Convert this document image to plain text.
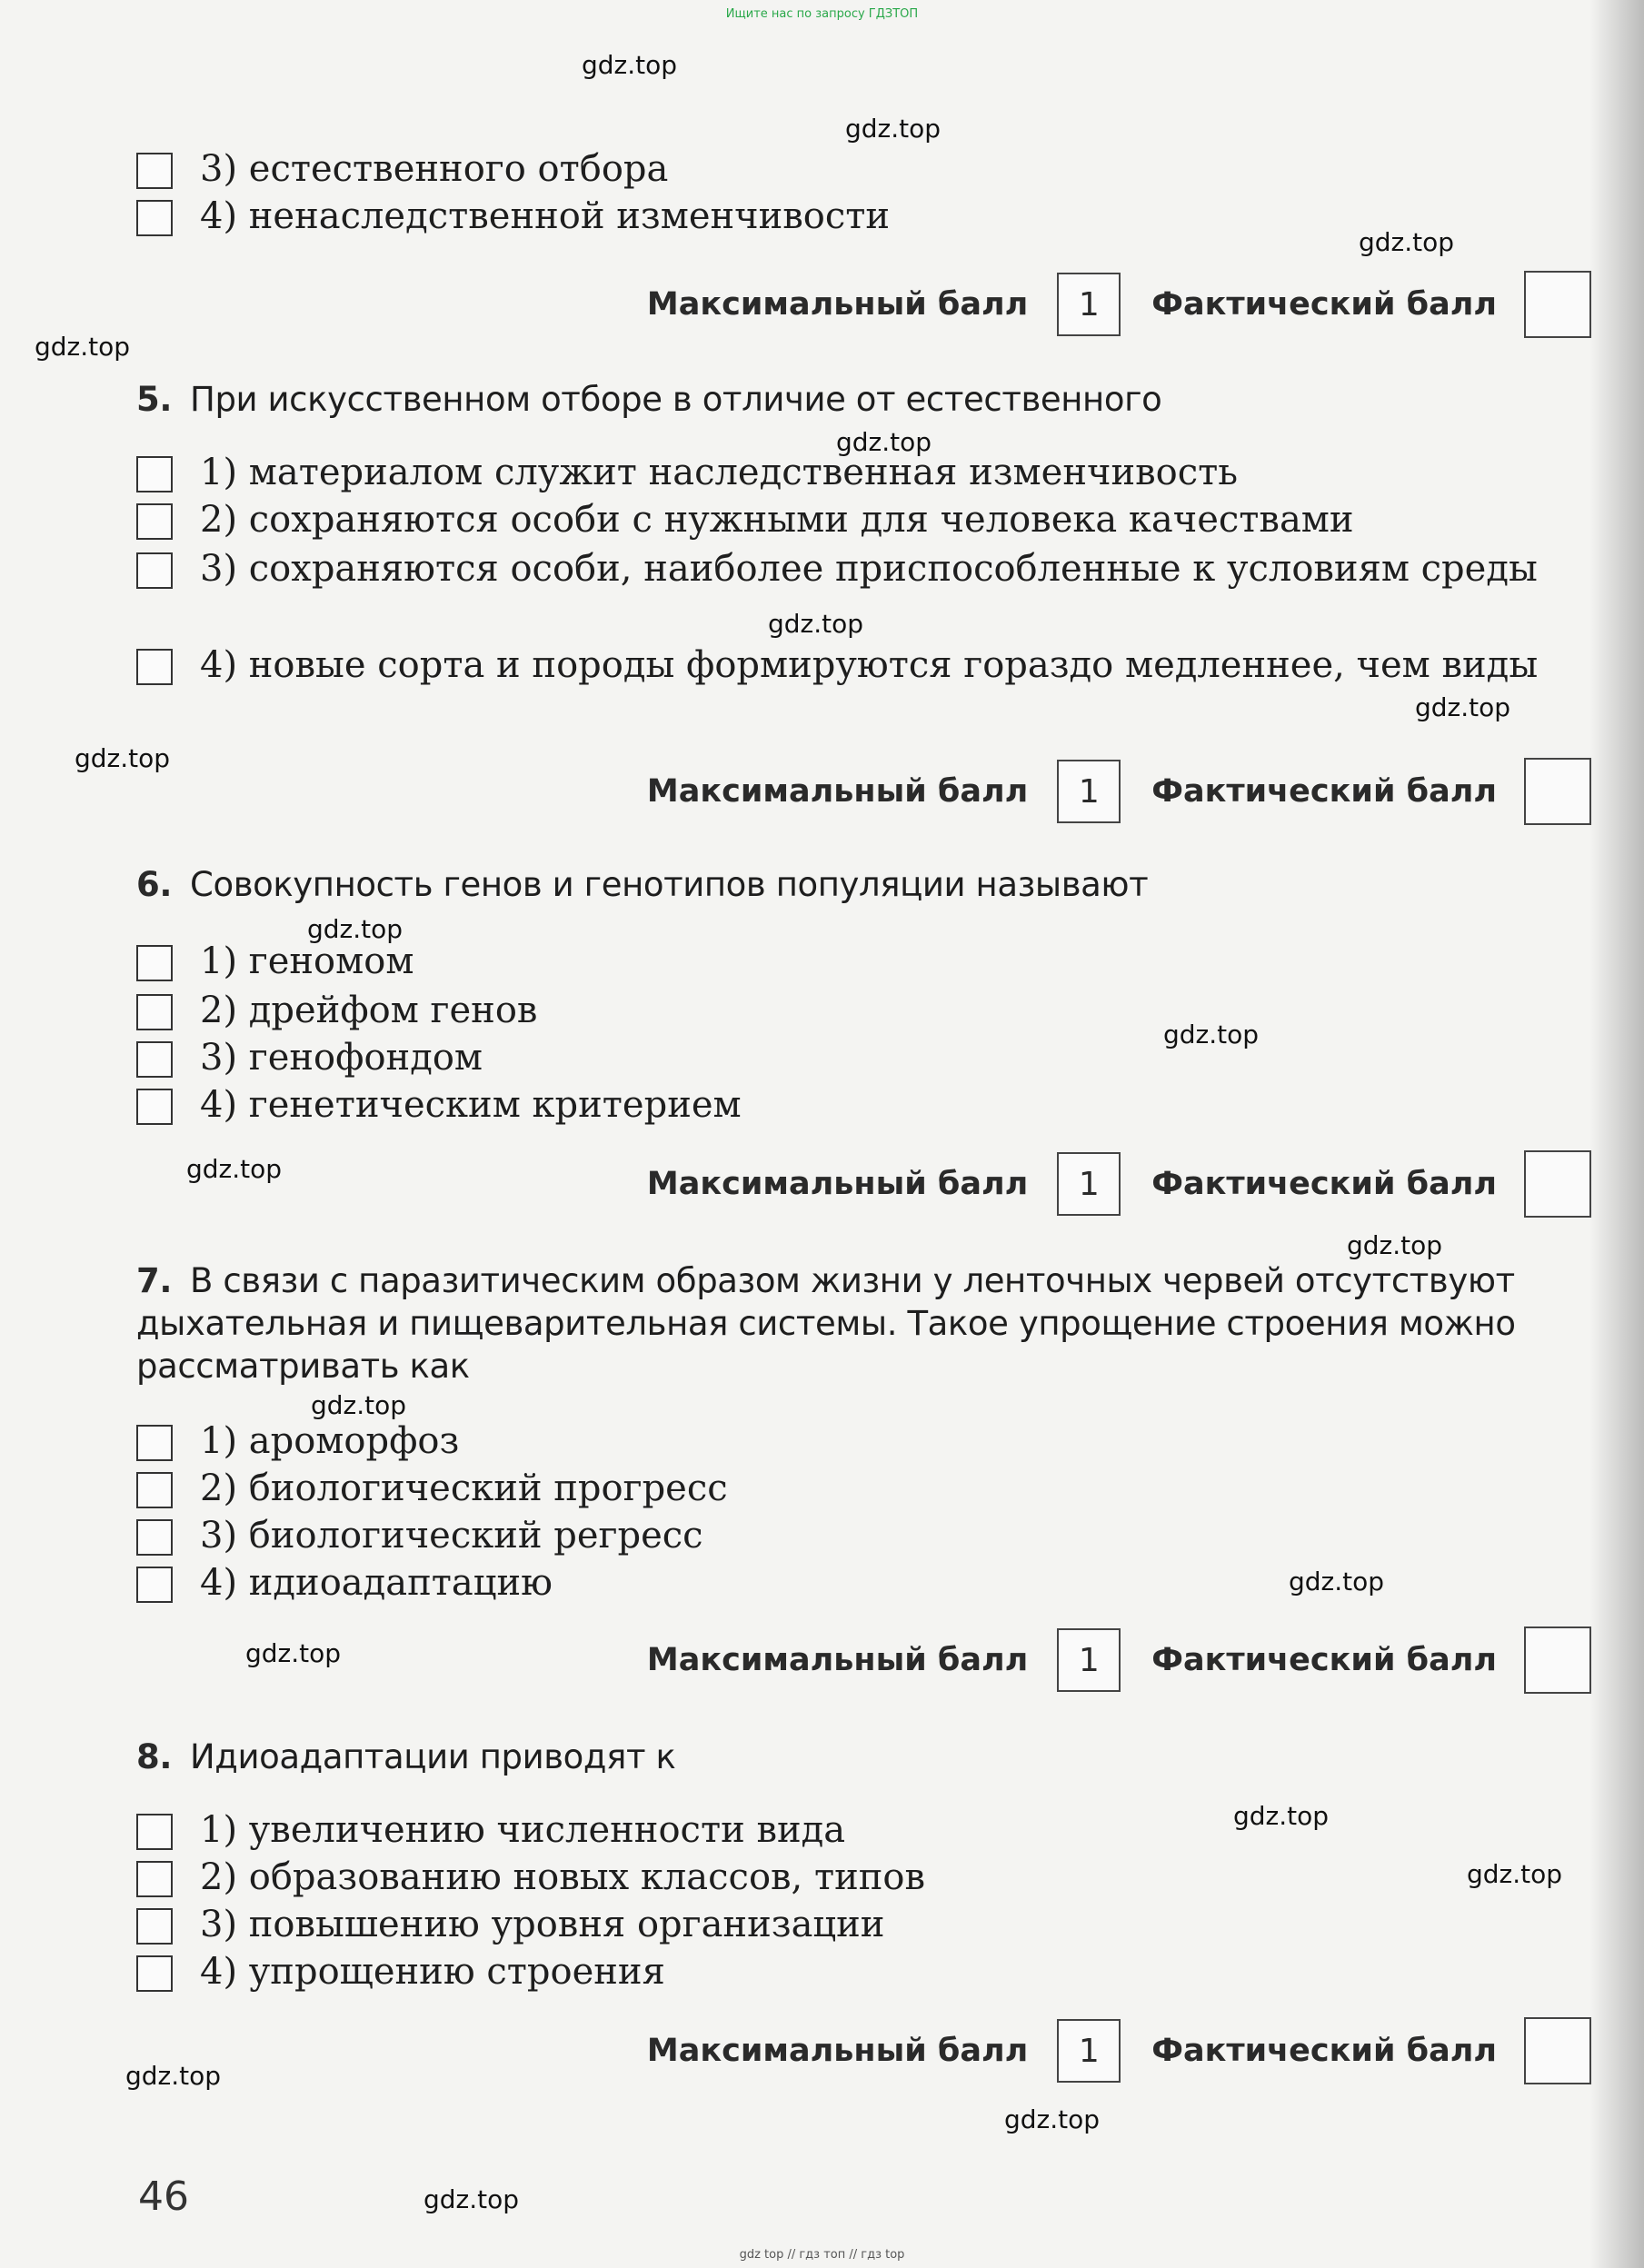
Ищите нас по запросу ГДЗТОП
gdz.top
gdz.top
gdz.top
gdz.top
gdz.top
gdz.top
gdz.top
gdz.top
gdz.top
gdz.top
gdz.top
gdz.top
gdz.top
gdz.top
gdz.top
gdz.top
gdz.top
gdz.top
gdz.top
gdz.top
3) естественного отбора
4) ненаследственной изменчивости
Максимальный балл	1	Фактический балл
5. При искусственном отборе в отличие от естественного
1) материалом служит наследственная изменчивость
2) сохраняются особи с нужными для человека качествами
3) сохраняются особи, наиболее приспособленные к условиям среды
4) новые сорта и породы формируются гораздо медленнее, чем виды
Максимальный балл	1	Фактический балл
6. Совокупность генов и генотипов популяции называют
1) геномом
2) дрейфом генов
3) генофондом
4) генетическим критерием
Максимальный балл	1	Фактический балл
7. В связи с паразитическим образом жизни у ленточных червей отсутствуют дыхательная и пищеварительная системы. Такое упрощение строения можно рассматривать как
1) ароморфоз
2) биологический прогресс
3) биологический регресс
4) идиоадаптацию
Максимальный балл	1	Фактический балл
8. Идиоадаптации приводят к
1) увеличению численности вида
2) образованию новых классов, типов
3) повышению уровня организации
4) упрощению строения
Максимальный балл	1	Фактический балл
46
gdz top // гдз топ // гдз top
